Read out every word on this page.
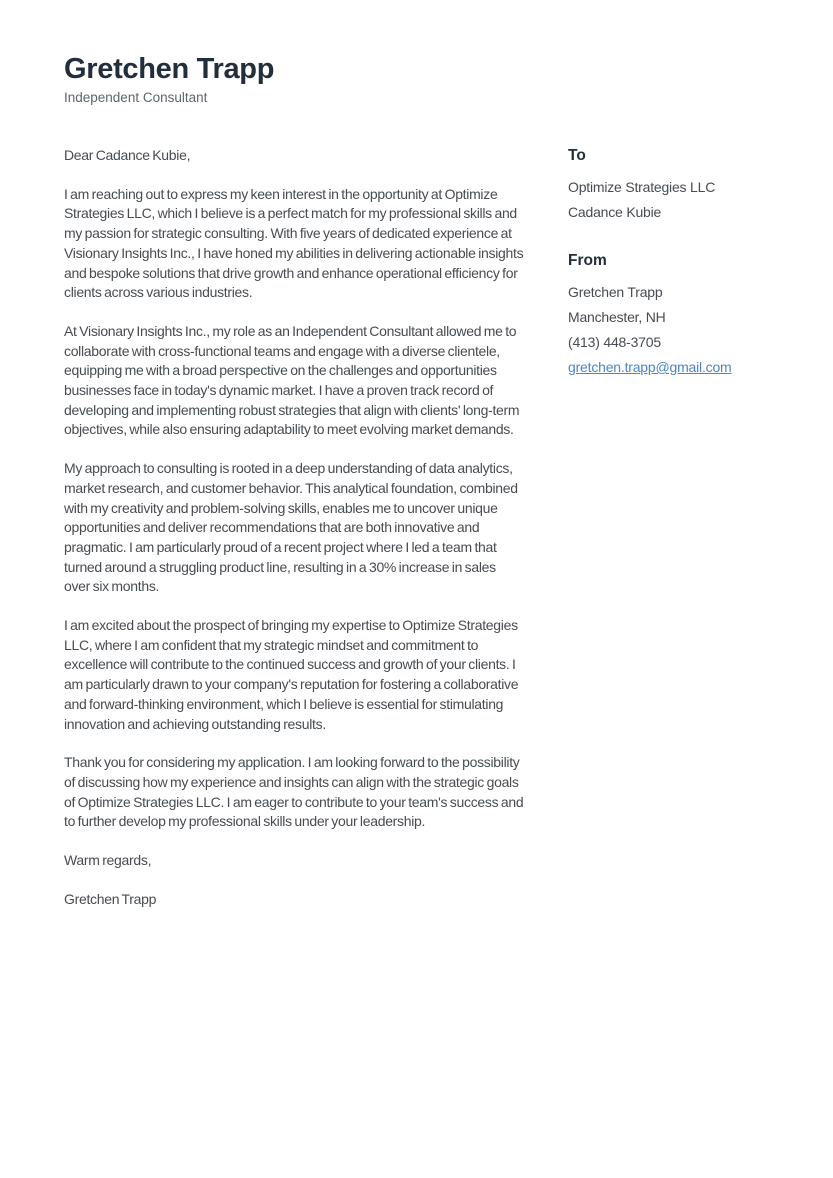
Gretchen Trapp
Independent Consultant

Dear Cadance Kubie,

I am reaching out to express my keen interest in the opportunity at Optimize Strategies LLC, which I believe is a perfect match for my professional skills and my passion for strategic consulting. With five years of dedicated experience at Visionary Insights Inc., I have honed my abilities in delivering actionable insights and bespoke solutions that drive growth and enhance operational efficiency for clients across various industries.

At Visionary Insights Inc., my role as an Independent Consultant allowed me to collaborate with cross-functional teams and engage with a diverse clientele, equipping me with a broad perspective on the challenges and opportunities businesses face in today's dynamic market. I have a proven track record of developing and implementing robust strategies that align with clients' long-term objectives, while also ensuring adaptability to meet evolving market demands.

My approach to consulting is rooted in a deep understanding of data analytics, market research, and customer behavior. This analytical foundation, combined with my creativity and problem-solving skills, enables me to uncover unique opportunities and deliver recommendations that are both innovative and pragmatic. I am particularly proud of a recent project where I led a team that turned around a struggling product line, resulting in a 30% increase in sales over six months.

I am excited about the prospect of bringing my expertise to Optimize Strategies LLC, where I am confident that my strategic mindset and commitment to excellence will contribute to the continued success and growth of your clients. I am particularly drawn to your company's reputation for fostering a collaborative and forward-thinking environment, which I believe is essential for stimulating innovation and achieving outstanding results.

Thank you for considering my application. I am looking forward to the possibility of discussing how my experience and insights can align with the strategic goals of Optimize Strategies LLC. I am eager to contribute to your team's success and to further develop my professional skills under your leadership.

Warm regards,

Gretchen Trapp

To
Optimize Strategies LLC
Cadance Kubie
From
Gretchen Trapp
Manchester, NH
(413) 448-3705
gretchen.trapp@gmail.com
